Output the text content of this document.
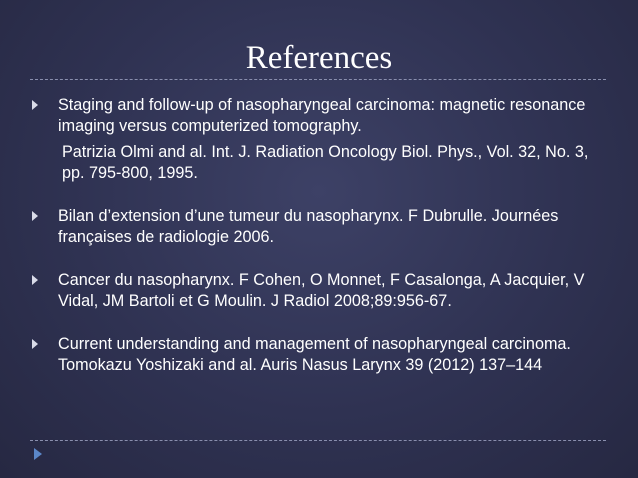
References

Staging and follow-up of nasopharyngeal carcinoma: magnetic resonance imaging versus computerized tomography.

Patrizia Olmi and al. Int. J. Radiation Oncology Biol. Phys., Vol. 32, No. 3, pp. 795-800, 1995.

Bilan d’extension d’une tumeur du nasopharynx. F Dubrulle. Journées françaises de radiologie 2006.

Cancer du nasopharynx. F Cohen, O Monnet, F Casalonga, A Jacquier, V Vidal, JM Bartoli et G Moulin. J Radiol 2008;89:956-67.

Current understanding and management of nasopharyngeal carcinoma. Tomokazu Yoshizaki and al. Auris Nasus Larynx 39 (2012) 137–144
